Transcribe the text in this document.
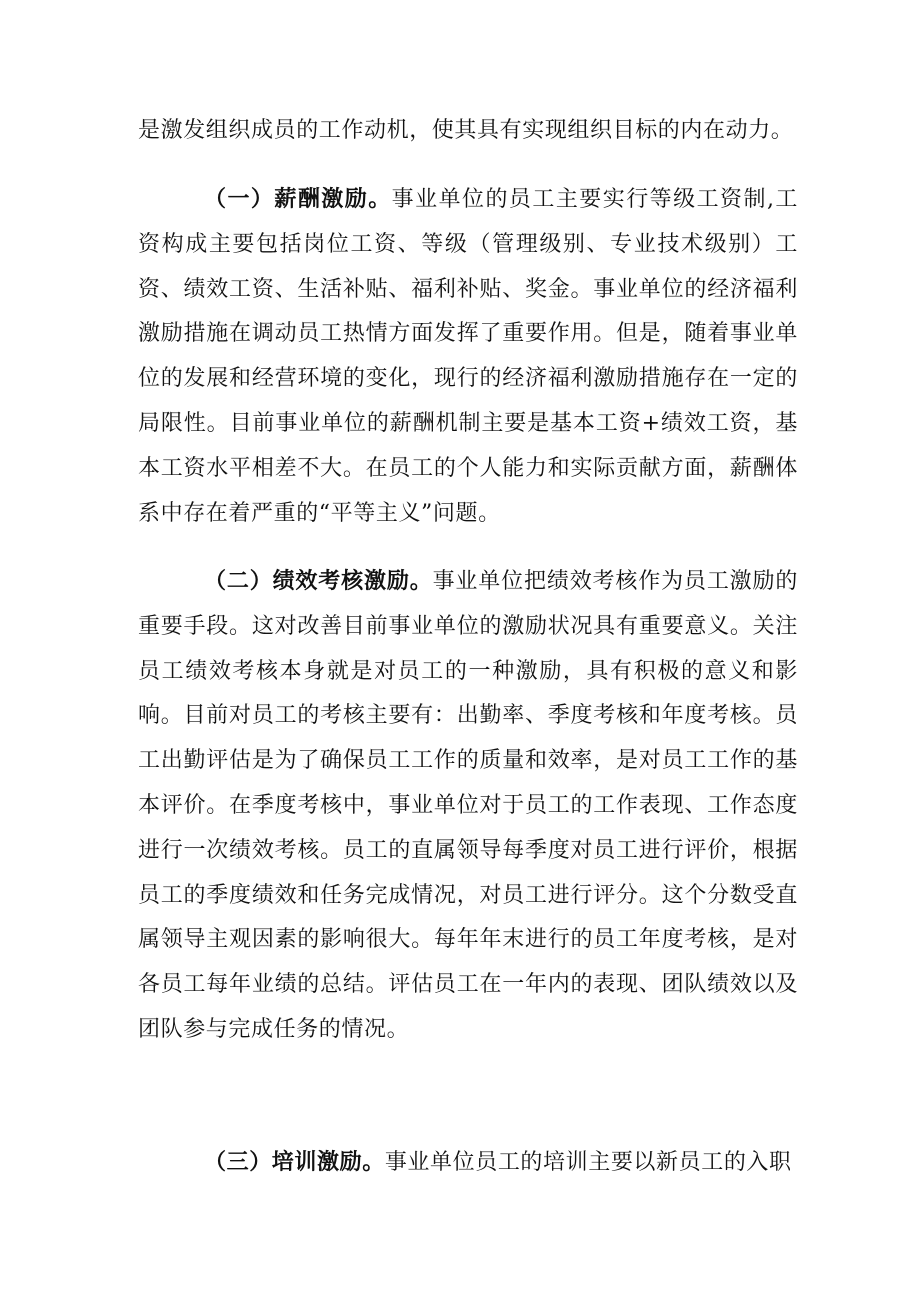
是激发组织成员的工作动机，使其具有实现组织目标的内在动力。

（一）薪酬激励。事业单位的员工主要实行等级工资制,工资构成主要包括岗位工资、等级（管理级别、专业技术级别）工资、绩效工资、生活补贴、福利补贴、奖金。事业单位的经济福利激励措施在调动员工热情方面发挥了重要作用。但是，随着事业单位的发展和经营环境的变化，现行的经济福利激励措施存在一定的局限性。目前事业单位的薪酬机制主要是基本工资+绩效工资，基本工资水平相差不大。在员工的个人能力和实际贡献方面，薪酬体系中存在着严重的“平等主义”问题。

（二）绩效考核激励。事业单位把绩效考核作为员工激励的重要手段。这对改善目前事业单位的激励状况具有重要意义。关注员工绩效考核本身就是对员工的一种激励，具有积极的意义和影响。目前对员工的考核主要有：出勤率、季度考核和年度考核。员工出勤评估是为了确保员工工作的质量和效率，是对员工工作的基本评价。在季度考核中，事业单位对于员工的工作表现、工作态度进行一次绩效考核。员工的直属领导每季度对员工进行评价，根据员工的季度绩效和任务完成情况，对员工进行评分。这个分数受直属领导主观因素的影响很大。每年年末进行的员工年度考核，是对各员工每年业绩的总结。评估员工在一年内的表现、团队绩效以及团队参与完成任务的情况。

（三）培训激励。事业单位员工的培训主要以新员工的入职
